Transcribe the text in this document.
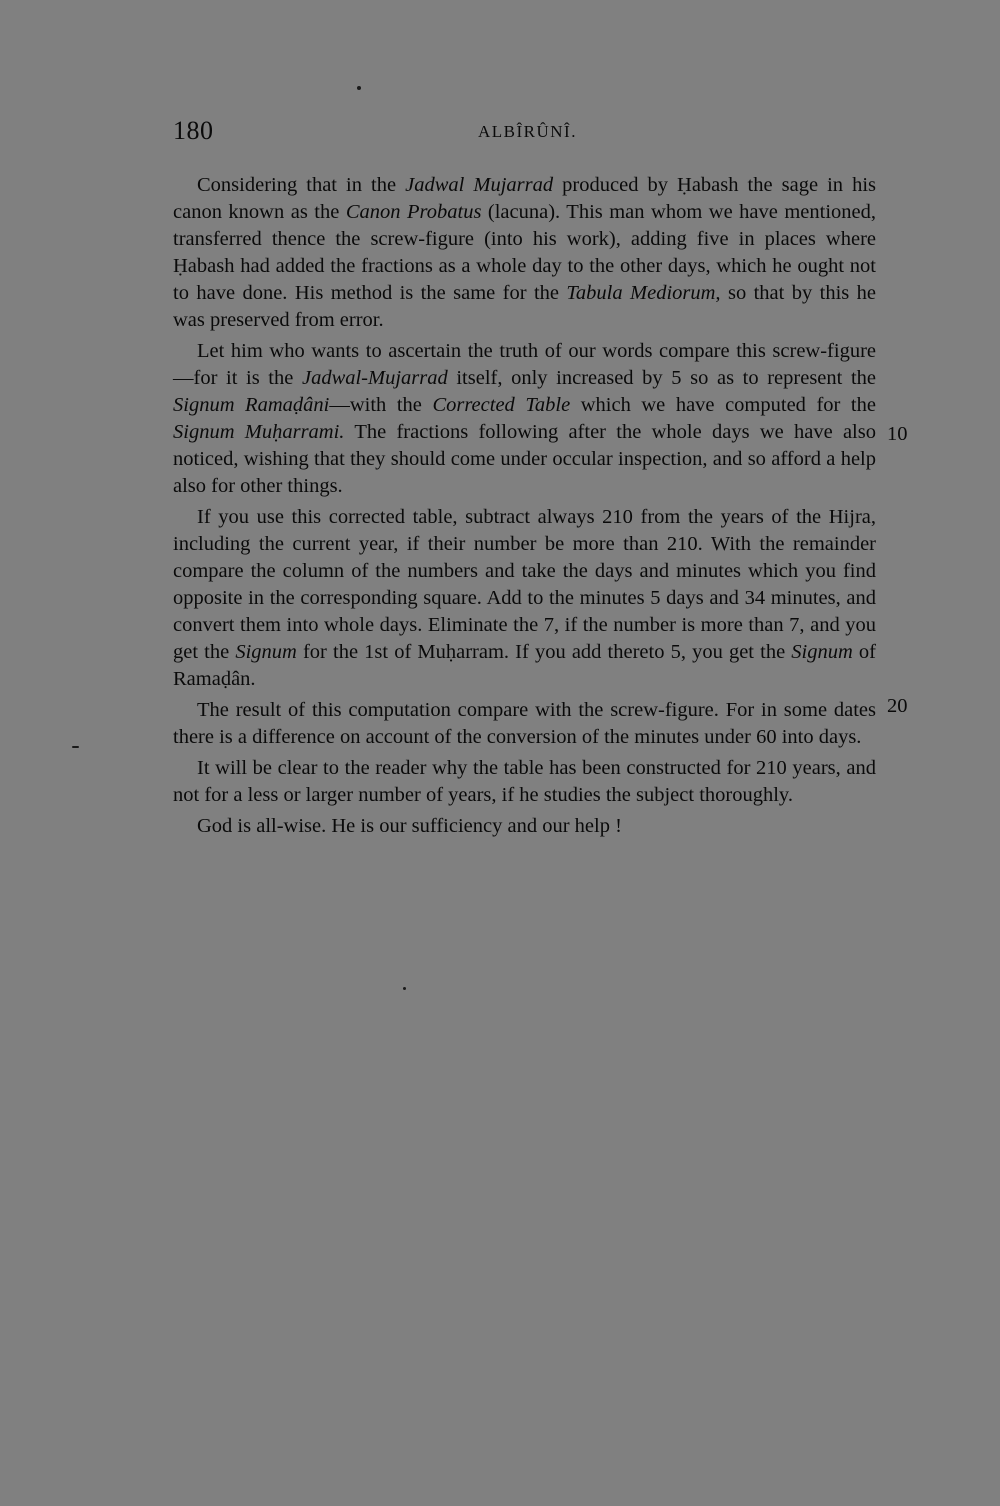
180	ALBÎRÛNÎ.

Considering that in the Jadwal Mujarrad produced by Ḥabash the sage in his canon known as the Canon Probatus (lacuna). This man whom we have mentioned, transferred thence the screw-figure (into his work), adding five in places where Ḥabash had added the fractions as a whole day to the other days, which he ought not to have done. His method is the same for the Tabula Mediorum, so that by this he was preserved from error.

Let him who wants to ascertain the truth of our words compare this screw-figure—for it is the Jadwal-Mujarrad itself, only increased by 5 so as to represent the Signum Ramaḍâni—with the Corrected Table which we have computed for the Signum Muḥarrami. The fractions following after the whole days we have also noticed, wishing that they should come under occular inspection, and so afford a help also for other things.

If you use this corrected table, subtract always 210 from the years of the Hijra, including the current year, if their number be more than 210. With the remainder compare the column of the numbers and take the days and minutes which you find opposite in the corresponding square. Add to the minutes 5 days and 34 minutes, and convert them into whole days. Eliminate the 7, if the number is more than 7, and you get the Signum for the 1st of Muḥarram. If you add thereto 5, you get the Signum of Ramaḍân.

The result of this computation compare with the screw-figure. For in some dates there is a difference on account of the conversion of the minutes under 60 into days.

It will be clear to the reader why the table has been constructed for 210 years, and not for a less or larger number of years, if he studies the subject thoroughly.

God is all-wise. He is our sufficiency and our help !

10
20
